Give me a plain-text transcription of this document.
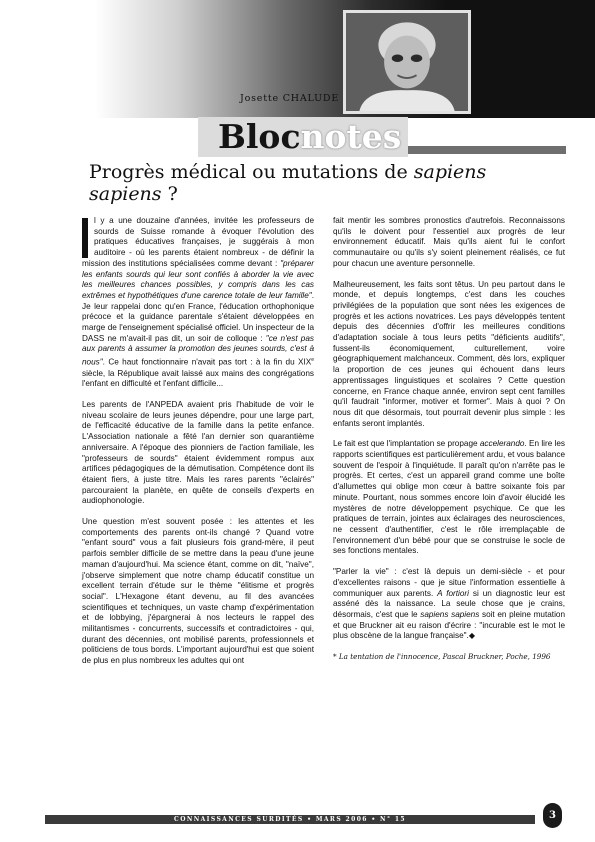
Josette CHALUDE

Blocnotes
Progrès médical ou mutations de sapiens sapiens ?

l y a une douzaine d'années, invitée les professeurs de sourds de Suisse romande à évoquer l'évolution des pratiques éducatives françaises, je suggérais à mon auditoire - où les parents étaient nombreux - de définir la mission des institutions spécialisées comme devant : "préparer les enfants sourds qui leur sont confiés à aborder la vie avec les meilleures chances possibles, y compris dans les cas extrêmes et hypothétiques d'une carence totale de leur famille". Je leur rappelai donc qu'en France, l'éducation orthophonique précoce et la guidance parentale s'étaient développées en marge de l'enseignement spécialisé officiel. Un inspecteur de la DASS ne m'avait-il pas dit, un soir de colloque : "ce n'est pas aux parents à assumer la promotion des jeunes sourds, c'est à nous". Ce haut fonctionnaire n'avait pas tort : à la fin du XIXe siècle, la République avait laissé aux mains des congrégations l'enfant en difficulté et l'enfant difficile...

Les parents de l'ANPEDA avaient pris l'habitude de voir le niveau scolaire de leurs jeunes dépendre, pour une large part, de l'efficacité éducative de la famille dans la petite enfance. L'Association nationale a fêté l'an dernier son quarantième anniversaire. A l'époque des pionniers de l'action familiale, les "professeurs de sourds" étaient évidemment rompus aux artifices pédagogiques de la démutisation. Compétence dont ils étaient fiers, à juste titre. Mais les rares parents "éclairés" parcouraient la planète, en quête de conseils d'experts en audiophonologie.

Une question m'est souvent posée : les attentes et les comportements des parents ont-ils changé ? Quand votre "enfant sourd" vous a fait plusieurs fois grand-mère, il peut parfois sembler difficile de se mettre dans la peau d'une jeune maman d'aujourd'hui. Ma science étant, comme on dit, "naïve", j'observe simplement que notre champ éducatif constitue un excellent terrain d'étude sur le thème "élitisme et progrès social". L'Hexagone étant devenu, au fil des avancées scientifiques et techniques, un vaste champ d'expérimentation et de lobbying, j'épargnerai à nos lecteurs le rappel des militantismes - concurrents, successifs et contradictoires - qui, durant des décennies, ont mobilisé parents, professionnels et politiciens de tous bords. L'important aujourd'hui est que soient de plus en plus nombreux les adultes qui ont

fait mentir les sombres pronostics d'autrefois. Reconnaissons qu'ils le doivent pour l'essentiel aux progrès de leur environnement éducatif. Mais qu'ils aient fui le confort communautaire ou qu'ils s'y soient pleinement réalisés, ce fut pour chacun une aventure personnelle.

Malheureusement, les faits sont têtus. Un peu partout dans le monde, et depuis longtemps, c'est dans les couches privilégiées de la population que sont nées les exigences de progrès et les actions novatrices. Les pays développés tentent depuis des décennies d'offrir les meilleures conditions d'adaptation sociale à tous leurs petits "déficients auditifs", fussent-ils économiquement, culturellement, voire géographiquement malchanceux. Comment, dès lors, expliquer la proportion de ces jeunes qui échouent dans leurs apprentissages linguistiques et scolaires ? Cette question concerne, en France chaque année, environ sept cent familles qu'il faudrait "informer, motiver et former". Mais à quoi ? On nous dit que désormais, tout pourrait devenir plus simple : les enfants seront implantés.

Le fait est que l'implantation se propage accelerando. En lire les rapports scientifiques est particulièrement ardu, et vous balance souvent de l'espoir à l'inquiétude. Il paraît qu'on n'arrête pas le progrès. Et certes, c'est un appareil grand comme une boîte d'allumettes qui oblige mon cœur à battre soixante fois par minute. Pourtant, nous sommes encore loin d'avoir élucidé les mystères de notre développement psychique. Ce que les pratiques de terrain, jointes aux éclairages des neurosciences, ne cessent d'authentifier, c'est le rôle irremplaçable de l'environnement d'un bébé pour que se construise le socle de ses fonctions mentales.

"Parler la vie" : c'est là depuis un demi-siècle - et pour d'excellentes raisons - que je situe l'information essentielle à communiquer aux parents. A fortiori si un diagnostic leur est asséné dès la naissance. La seule chose que je crains, désormais, c'est que le sapiens sapiens soit en pleine mutation et que Bruckner ait eu raison d'écrire : "incurable est le mot le plus obscène de la langue française".◆

* La tentation de l'innocence, Pascal Bruckner, Poche, 1996

CONNAISSANCES SURDITÉS • MARS 2006 • N° 15	3
